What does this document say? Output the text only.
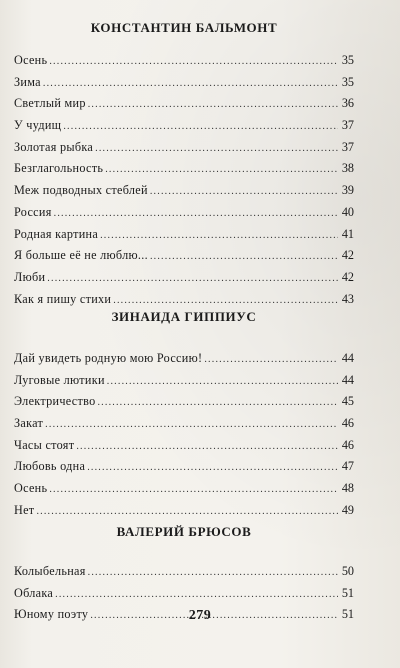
КОНСТАНТИН БАЛЬМОНТ
Осень .....	35
Зима .....	35
Светлый мир .....	36
У чудищ .....	37
Золотая рыбка .....	37
Безглагольность .....	38
Меж подводных стеблей .....	39
Россия .....	40
Родная картина .....	41
Я больше её не люблю... .....	42
Люби .....	42
Как я пишу стихи .....	43
ЗИНАИДА ГИППИУС
Дай увидеть родную мою Россию! .....	44
Луговые лютики .....	44
Электричество .....	45
Закат .....	46
Часы стоят .....	46
Любовь одна .....	47
Осень .....	48
Нет .....	49
ВАЛЕРИЙ БРЮСОВ
Колыбельная .....	50
Облака .....	51
Юному поэту .....	51
279
